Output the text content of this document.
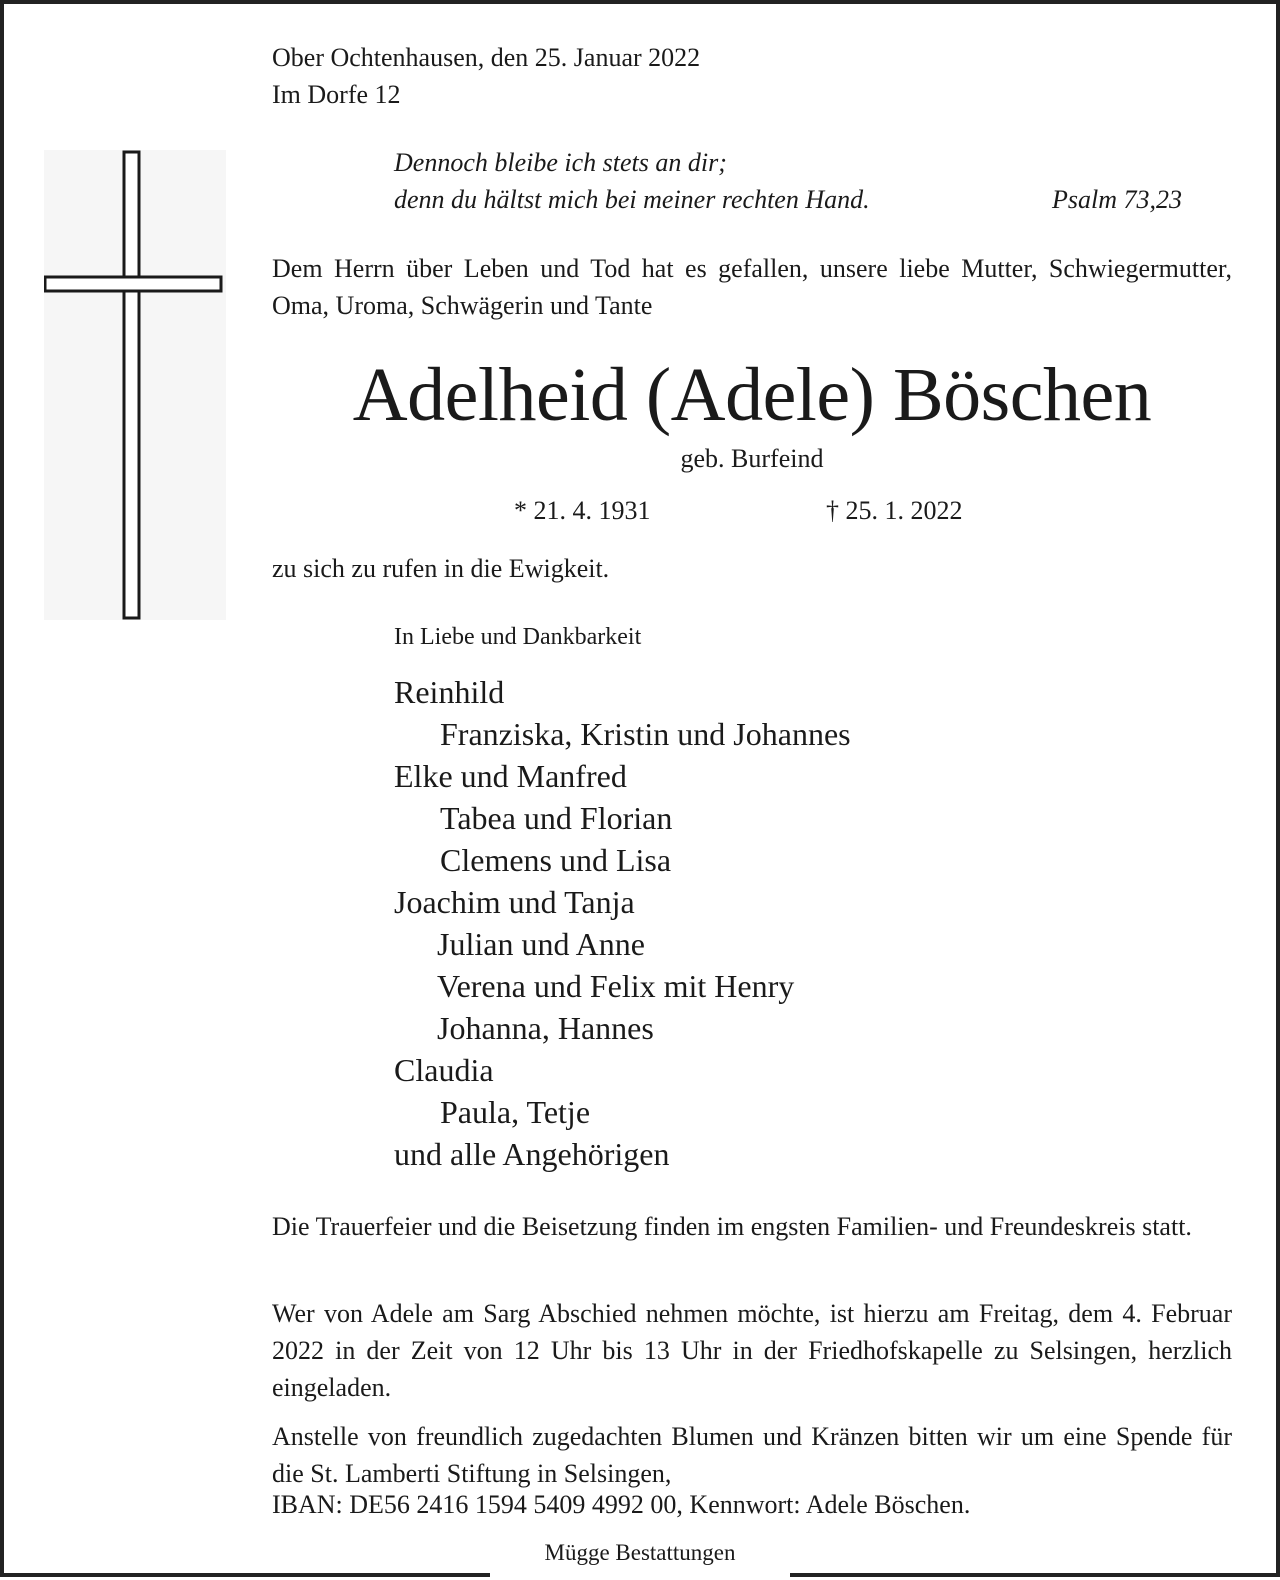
Ober Ochtenhausen, den 25. Januar 2022
Im Dorfe 12
Dennoch bleibe ich stets an dir;
denn du hältst mich bei meiner rechten Hand.	Psalm 73,23
Dem Herrn über Leben und Tod hat es gefallen, unsere liebe Mutter, Schwiegermutter, Oma, Uroma, Schwägerin und Tante
Adelheid (Adele) Böschen
geb. Burfeind
* 21. 4. 1931	† 25. 1. 2022
zu sich zu rufen in die Ewigkeit.
In Liebe und Dankbarkeit
Reinhild
Franziska, Kristin und Johannes
Elke und Manfred
Tabea und Florian
Clemens und Lisa
Joachim und Tanja
Julian und Anne
Verena und Felix mit Henry
Johanna, Hannes
Claudia
Paula, Tetje
und alle Angehörigen
Die Trauerfeier und die Beisetzung finden im engsten Familien- und Freundeskreis statt.
Wer von Adele am Sarg Abschied nehmen möchte, ist hierzu am Freitag, dem 4. Februar 2022 in der Zeit von 12 Uhr bis 13 Uhr in der Friedhofskapelle zu Selsingen, herzlich eingeladen.
Anstelle von freundlich zugedachten Blumen und Kränzen bitten wir um eine Spende für die St. Lamberti Stiftung in Selsingen,
IBAN: DE56 2416 1594 5409 4992 00, Kennwort: Adele Böschen.
Mügge Bestattungen
